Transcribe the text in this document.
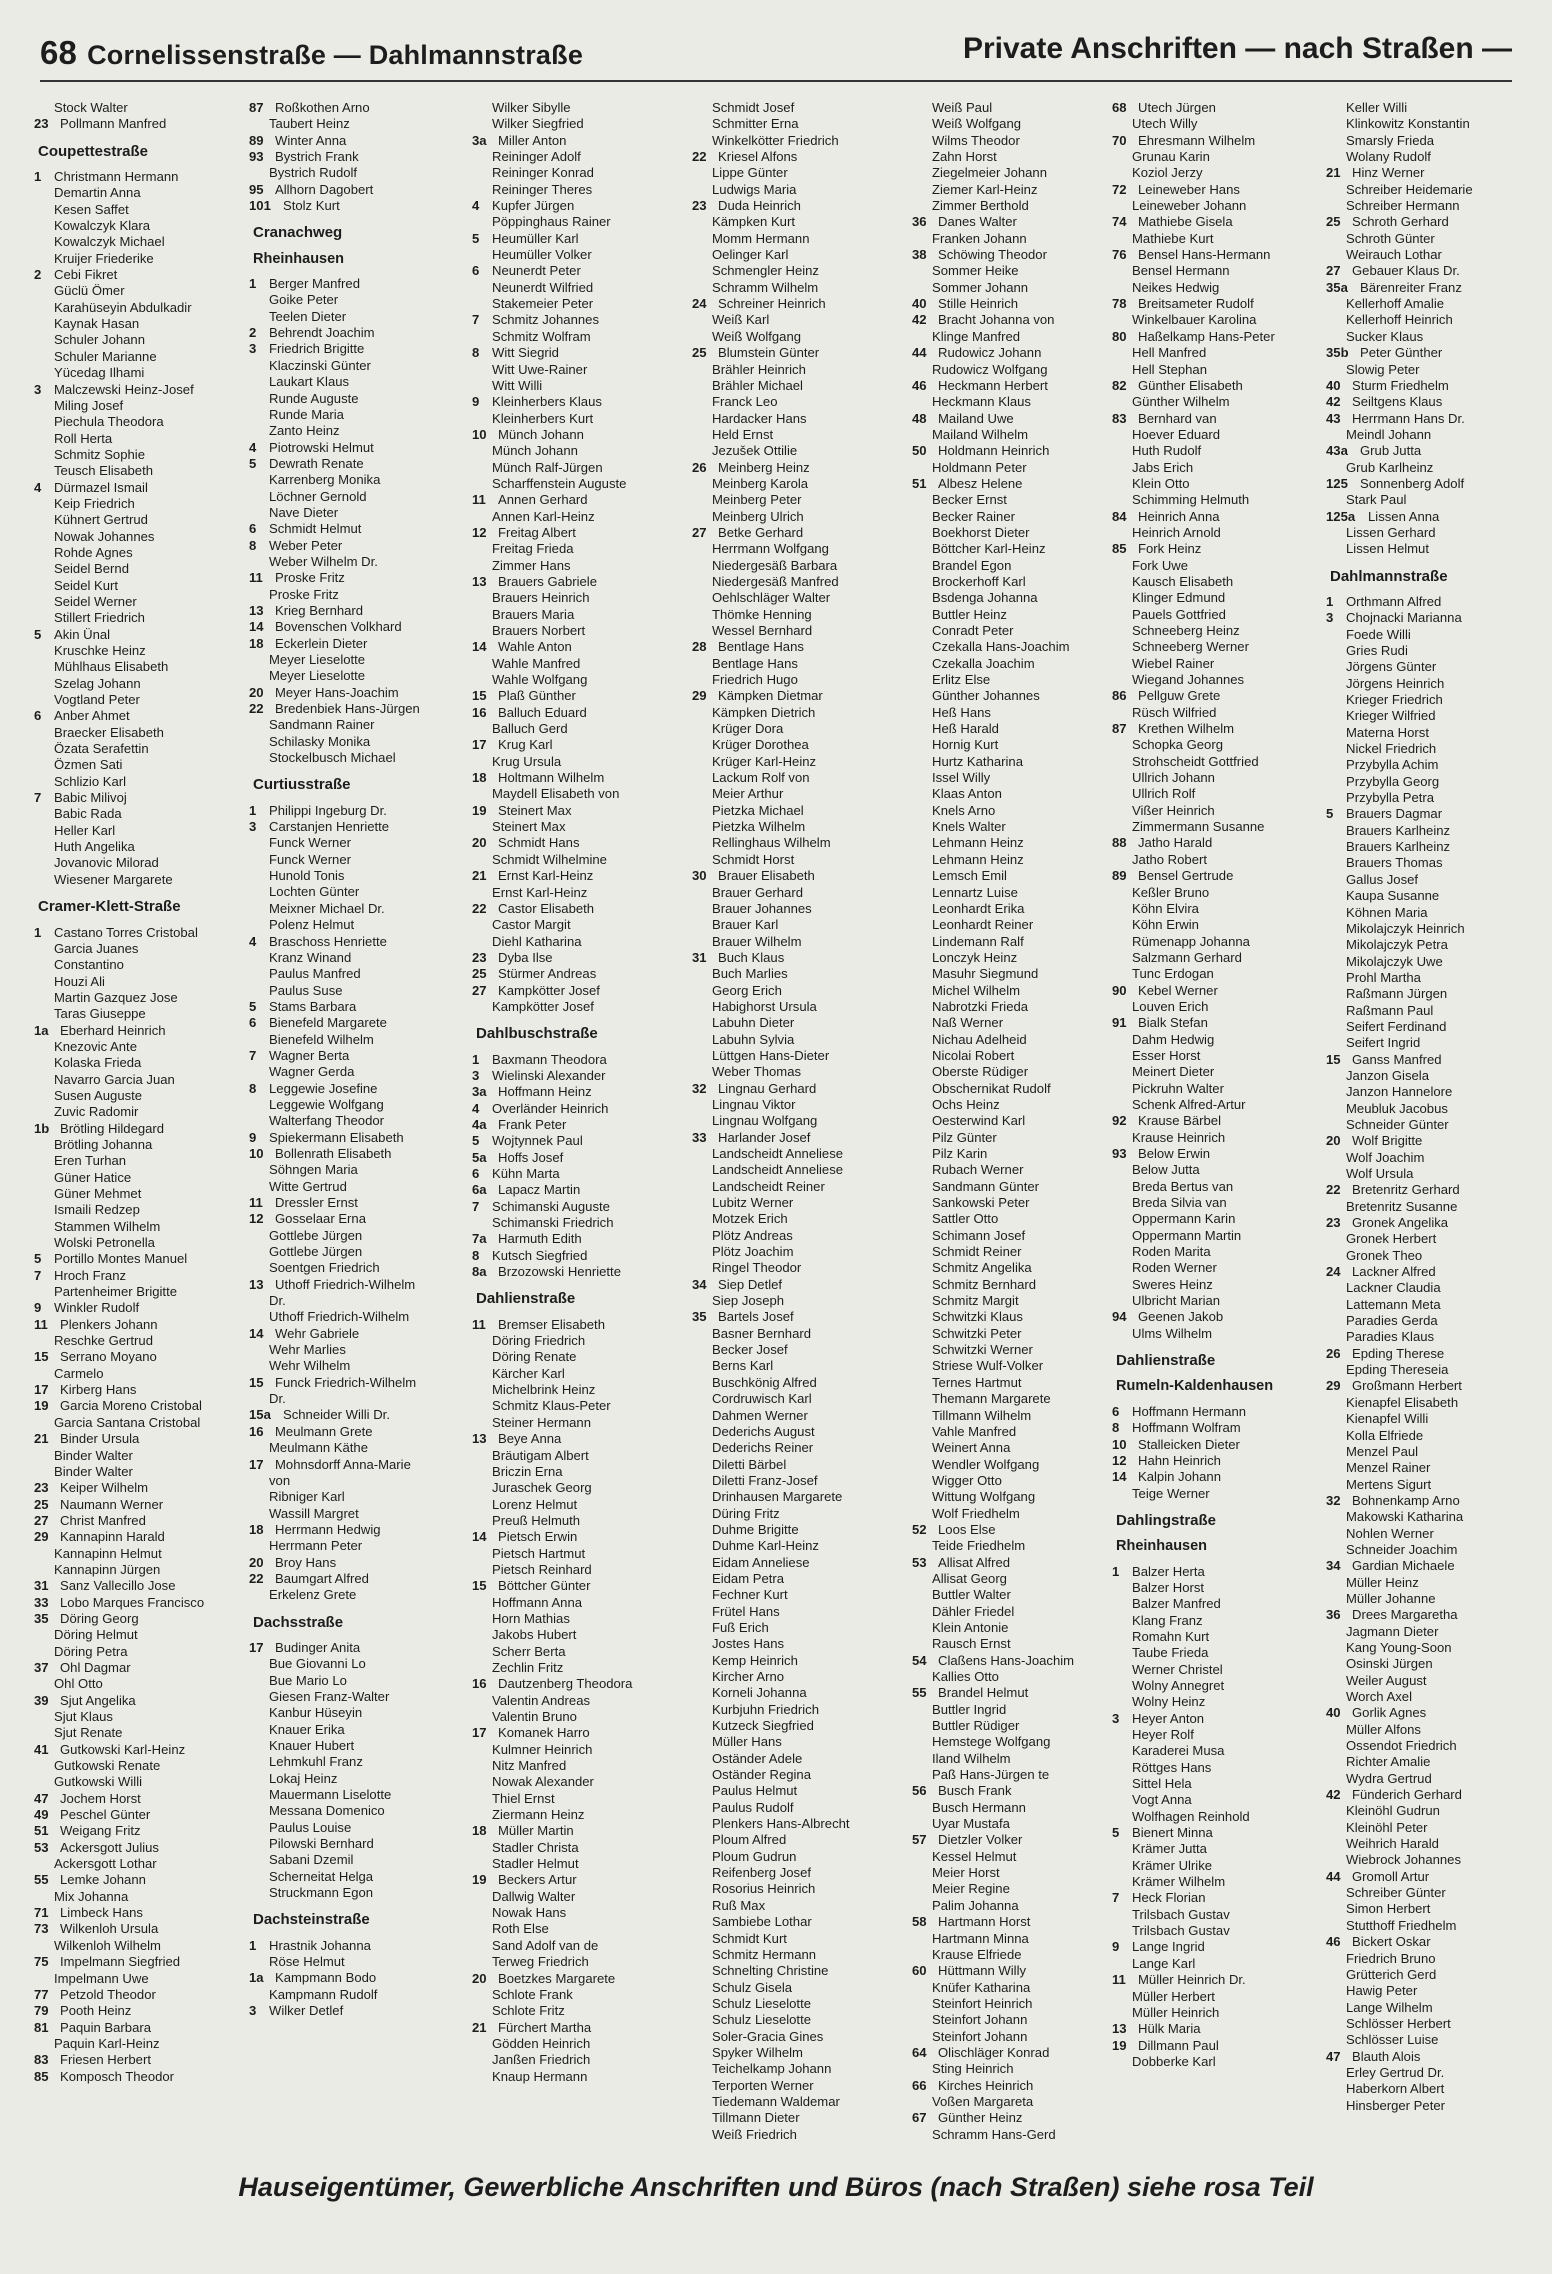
68 Cornelissenstraße — Dahlmannstraße	Private Anschriften — nach Straßen —
Stock Walter
23 Pollmann Manfred
Coupettestraße
1 Christmann Hermann
Demartin Anna
Kesen Saffet
Kowalczyk Klara
Kowalczyk Michael
Kruijer Friederike
2 Cebi Fikret
Güclü Ömer
Karahüseyin Abdulkadir
Kaynak Hasan
Schuler Johann
Schuler Marianne
Yücedag Ilhami
3 Malczewski Heinz-Josef
Miling Josef
Piechula Theodora
Roll Herta
Schmitz Sophie
Teusch Elisabeth
4 Dürmazel Ismail
Keip Friedrich
Kühnert Gertrud
Nowak Johannes
Rohde Agnes
Seidel Bernd
Seidel Kurt
Seidel Werner
Stillert Friedrich
5 Akin Ünal
Kruschke Heinz
Mühlhaus Elisabeth
Szelag Johann
Vogtland Peter
6 Anber Ahmet
Braecker Elisabeth
Özata Serafettin
Özmen Sati
Schlizio Karl
7 Babic Milivoj
Babic Rada
Heller Karl
Huth Angelika
Jovanovic Milorad
Wiesener Margarete
Cramer-Klett-Straße
1 Castano Torres Cristobal
Garcia Juanes
Constantino
Houzi Ali
Martin Gazquez Jose
Taras Giuseppe
1a Eberhard Heinrich
Knezovic Ante
Kolaska Frieda
Navarro Garcia Juan
Susen Auguste
Zuvic Radomir
1b Brötling Hildegard
Brötling Johanna
Eren Turhan
Güner Hatice
Güner Mehmet
Ismaili Redzep
Stammen Wilhelm
Wolski Petronella
5 Portillo Montes Manuel
7 Hroch Franz
Partenheimer Brigitte
9 Winkler Rudolf
11 Plenkers Johann
Reschke Gertrud
15 Serrano Moyano
Carmelo
17 Kirberg Hans
19 Garcia Moreno Cristobal
Garcia Santana Cristobal
21 Binder Ursula
Binder Walter
Binder Walter
23 Keiper Wilhelm
25 Naumann Werner
27 Christ Manfred
29 Kannapinn Harald
Kannapinn Helmut
Kannapinn Jürgen
31 Sanz Vallecillo Jose
33 Lobo Marques Francisco
35 Döring Georg
Döring Helmut
Döring Petra
37 Ohl Dagmar
Ohl Otto
39 Sjut Angelika
Sjut Klaus
Sjut Renate
41 Gutkowski Karl-Heinz
Gutkowski Renate
Gutkowski Willi
47 Jochem Horst
49 Peschel Günter
51 Weigang Fritz
53 Ackersgott Julius
Ackersgott Lothar
55 Lemke Johann
Mix Johanna
71 Limbeck Hans
73 Wilkenloh Ursula
Wilkenloh Wilhelm
75 Impelmann Siegfried
Impelmann Uwe
77 Petzold Theodor
79 Pooth Heinz
81 Paquin Barbara
Paquin Karl-Heinz
83 Friesen Herbert
85 Komposch Theodor
87 Roßkothen Arno
Taubert Heinz
89 Winter Anna
93 Bystrich Frank
Bystrich Rudolf
95 Allhorn Dagobert
101 Stolz Kurt
Cranachweg
Rheinhausen
1 Berger Manfred
Goike Peter
Teelen Dieter
2 Behrendt Joachim
3 Friedrich Brigitte
Klaczinski Günter
Laukart Klaus
Runde Auguste
Runde Maria
Zanto Heinz
4 Piotrowski Helmut
5 Dewrath Renate
Karrenberg Monika
Löchner Gernold
Nave Dieter
6 Schmidt Helmut
8 Weber Peter
Weber Wilhelm Dr.
11 Proske Fritz
Proske Fritz
13 Krieg Bernhard
14 Bovenschen Volkhard
18 Eckerlein Dieter
Meyer Lieselotte
Meyer Lieselotte
20 Meyer Hans-Joachim
22 Bredenbiek Hans-Jürgen
Sandmann Rainer
Schilasky Monika
Stockelbusch Michael
Curtiusstraße
1 Philippi Ingeburg Dr.
3 Carstanjen Henriette
Funck Werner
Funck Werner
Hunold Tonis
Lochten Günter
Meixner Michael Dr.
Polenz Helmut
4 Braschoss Henriette
Kranz Winand
Paulus Manfred
Paulus Suse
5 Stams Barbara
6 Bienefeld Margarete
Bienefeld Wilhelm
7 Wagner Berta
Wagner Gerda
8 Leggewie Josefine
Leggewie Wolfgang
Walterfang Theodor
9 Spiekermann Elisabeth
10 Bollenrath Elisabeth
Söhngen Maria
Witte Gertrud
11 Dressler Ernst
12 Gosselaar Erna
Gottlebe Jürgen
Gottlebe Jürgen
Soentgen Friedrich
13 Uthoff Friedrich-Wilhelm
Dr.
Uthoff Friedrich-Wilhelm
14 Wehr Gabriele
Wehr Marlies
Wehr Wilhelm
15 Funck Friedrich-Wilhelm
Dr.
15a Schneider Willi Dr.
16 Meulmann Grete
Meulmann Käthe
17 Mohnsdorff Anna-Marie
von
Ribniger Karl
Wassill Margret
18 Herrmann Hedwig
Herrmann Peter
20 Broy Hans
22 Baumgart Alfred
Erkelenz Grete
Dachsstraße
17 Budinger Anita
Bue Giovanni Lo
Bue Mario Lo
Giesen Franz-Walter
Kanbur Hüseyin
Knauer Erika
Knauer Hubert
Lehmkuhl Franz
Lokaj Heinz
Mauermann Liselotte
Messana Domenico
Paulus Louise
Pilowski Bernhard
Sabani Dzemil
Scherneitat Helga
Struckmann Egon
Dachsteinstraße
1 Hrastnik Johanna
Röse Helmut
1a Kampmann Bodo
Kampmann Rudolf
3 Wilker Detlef
Wilker Sibylle
Wilker Siegfried
3a Miller Anton
Reininger Adolf
Reininger Konrad
Reininger Theres
4 Kupfer Jürgen
Pöppinghaus Rainer
5 Heumüller Karl
Heumüller Volker
6 Neunerdt Peter
Neunerdt Wilfried
Stakemeier Peter
7 Schmitz Johannes
Schmitz Wolfram
8 Witt Siegrid
Witt Uwe-Rainer
Witt Willi
9 Kleinherbers Klaus
Kleinherbers Kurt
10 Münch Johann
Münch Johann
Münch Ralf-Jürgen
Scharffenstein Auguste
11 Annen Gerhard
Annen Karl-Heinz
12 Freitag Albert
Freitag Frieda
Zimmer Hans
13 Brauers Gabriele
Brauers Heinrich
Brauers Maria
Brauers Norbert
14 Wahle Anton
Wahle Manfred
Wahle Wolfgang
15 Plaß Günther
16 Balluch Eduard
Balluch Gerd
17 Krug Karl
Krug Ursula
18 Holtmann Wilhelm
Maydell Elisabeth von
19 Steinert Max
Steinert Max
20 Schmidt Hans
Schmidt Wilhelmine
21 Ernst Karl-Heinz
Ernst Karl-Heinz
22 Castor Elisabeth
Castor Margit
Diehl Katharina
23 Dyba Ilse
25 Stürmer Andreas
27 Kampkötter Josef
Kampkötter Josef
Dahlbuschstraße
1 Baxmann Theodora
3 Wielinski Alexander
3a Hoffmann Heinz
4 Overländer Heinrich
4a Frank Peter
5 Wojtynnek Paul
5a Hoffs Josef
6 Kühn Marta
6a Lapacz Martin
7 Schimanski Auguste
Schimanski Friedrich
7a Harmuth Edith
8 Kutsch Siegfried
8a Brzozowski Henriette
Dahlienstraße
11 Bremser Elisabeth
Döring Friedrich
Döring Renate
Kärcher Karl
Michelbrink Heinz
Schmitz Klaus-Peter
Steiner Hermann
13 Beye Anna
Bräutigam Albert
Briczin Erna
Juraschek Georg
Lorenz Helmut
Preuß Helmuth
14 Pietsch Erwin
Pietsch Hartmut
Pietsch Reinhard
15 Böttcher Günter
Hoffmann Anna
Horn Mathias
Jakobs Hubert
Scherr Berta
Zechlin Fritz
16 Dautzenberg Theodora
Valentin Andreas
Valentin Bruno
17 Komanek Harro
Kulmner Heinrich
Nitz Manfred
Nowak Alexander
Thiel Ernst
Ziermann Heinz
18 Müller Martin
Stadler Christa
Stadler Helmut
19 Beckers Artur
Dallwig Walter
Nowak Hans
Roth Else
Sand Adolf van de
Terweg Friedrich
20 Boetzkes Margarete
Schlote Frank
Schlote Fritz
21 Fürchert Martha
Gödden Heinrich
Janßen Friedrich
Knaup Hermann
Schmidt Josef
Schmitter Erna
Winkelkötter Friedrich
22 Kriesel Alfons
Lippe Günter
Ludwigs Maria
23 Duda Heinrich
Kämpken Kurt
Momm Hermann
Oelinger Karl
Schmengler Heinz
Schramm Wilhelm
24 Schreiner Heinrich
Weiß Karl
Weiß Wolfgang
25 Blumstein Günter
Brähler Heinrich
Brähler Michael
Franck Leo
Hardacker Hans
Held Ernst
Jezušek Ottilie
26 Meinberg Heinz
Meinberg Karola
Meinberg Peter
Meinberg Ulrich
27 Betke Gerhard
Herrmann Wolfgang
Niedergesäß Barbara
Niedergesäß Manfred
Oehlschläger Walter
Thömke Henning
Wessel Bernhard
28 Bentlage Hans
Bentlage Hans
Friedrich Hugo
29 Kämpken Dietmar
Kämpken Dietrich
Krüger Dora
Krüger Dorothea
Krüger Karl-Heinz
Lackum Rolf von
Meier Arthur
Pietzka Michael
Pietzka Wilhelm
Rellinghaus Wilhelm
Schmidt Horst
30 Brauer Elisabeth
Brauer Gerhard
Brauer Johannes
Brauer Karl
Brauer Wilhelm
31 Buch Klaus
Buch Marlies
Georg Erich
Habighorst Ursula
Labuhn Dieter
Labuhn Sylvia
Lüttgen Hans-Dieter
Weber Thomas
32 Lingnau Gerhard
Lingnau Viktor
Lingnau Wolfgang
33 Harlander Josef
Landscheidt Anneliese
Landscheidt Anneliese
Landscheidt Reiner
Lubitz Werner
Motzek Erich
Plötz Andreas
Plötz Joachim
Ringel Theodor
34 Siep Detlef
Siep Joseph
35 Bartels Josef
Basner Bernhard
Becker Josef
Berns Karl
Buschkönig Alfred
Cordruwisch Karl
Dahmen Werner
Dederichs August
Dederichs Reiner
Diletti Bärbel
Diletti Franz-Josef
Drinhausen Margarete
Düring Fritz
Duhme Brigitte
Duhme Karl-Heinz
Eidam Anneliese
Eidam Petra
Fechner Kurt
Frütel Hans
Fuß Erich
Jostes Hans
Kemp Heinrich
Kircher Arno
Korneli Johanna
Kurbjuhn Friedrich
Kutzeck Siegfried
Müller Hans
Oständer Adele
Oständer Regina
Paulus Helmut
Paulus Rudolf
Plenkers Hans-Albrecht
Ploum Alfred
Ploum Gudrun
Reifenberg Josef
Rosorius Heinrich
Ruß Max
Sambiebe Lothar
Schmidt Kurt
Schmitz Hermann
Schnelting Christine
Schulz Gisela
Schulz Lieselotte
Schulz Lieselotte
Soler-Gracia Gines
Spyker Wilhelm
Teichelkamp Johann
Terporten Werner
Tiedemann Waldemar
Tillmann Dieter
Weiß Friedrich
Weiß Paul
Weiß Wolfgang
Wilms Theodor
Zahn Horst
Ziegelmeier Johann
Ziemer Karl-Heinz
Zimmer Berthold
36 Danes Walter
Franken Johann
38 Schöwing Theodor
Sommer Heike
Sommer Johann
40 Stille Heinrich
42 Bracht Johanna von
Klinge Manfred
44 Rudowicz Johann
Rudowicz Wolfgang
46 Heckmann Herbert
Heckmann Klaus
48 Mailand Uwe
Mailand Wilhelm
50 Holdmann Heinrich
Holdmann Peter
51 Albesz Helene
Becker Ernst
Becker Rainer
Boekhorst Dieter
Böttcher Karl-Heinz
Brandel Egon
Brockerhoff Karl
Bsdenga Johanna
Buttler Heinz
Conradt Peter
Czekalla Hans-Joachim
Czekalla Joachim
Erlitz Else
Günther Johannes
Heß Hans
Heß Harald
Hornig Kurt
Hurtz Katharina
Issel Willy
Klaas Anton
Knels Arno
Knels Walter
Lehmann Heinz
Lehmann Heinz
Lemsch Emil
Lennartz Luise
Leonhardt Erika
Leonhardt Reiner
Lindemann Ralf
Lonczyk Heinz
Masuhr Siegmund
Michel Wilhelm
Nabrotzki Frieda
Naß Werner
Nichau Adelheid
Nicolai Robert
Oberste Rüdiger
Obschernikat Rudolf
Ochs Heinz
Oesterwind Karl
Pilz Günter
Pilz Karin
Rubach Werner
Sandmann Günter
Sankowski Peter
Sattler Otto
Schimann Josef
Schmidt Reiner
Schmitz Angelika
Schmitz Bernhard
Schmitz Margit
Schwitzki Klaus
Schwitzki Peter
Schwitzki Werner
Striese Wulf-Volker
Ternes Hartmut
Themann Margarete
Tillmann Wilhelm
Vahle Manfred
Weinert Anna
Wendler Wolfgang
Wigger Otto
Wittung Wolfgang
Wolf Friedhelm
52 Loos Else
Teide Friedhelm
53 Allisat Alfred
Allisat Georg
Buttler Walter
Dähler Friedel
Klein Antonie
Rausch Ernst
54 Claßens Hans-Joachim
Kallies Otto
55 Brandel Helmut
Buttler Ingrid
Buttler Rüdiger
Hemstege Wolfgang
Iland Wilhelm
Paß Hans-Jürgen te
56 Busch Frank
Busch Hermann
Uyar Mustafa
57 Dietzler Volker
Kessel Helmut
Meier Horst
Meier Regine
Palim Johanna
58 Hartmann Horst
Hartmann Minna
Krause Elfriede
60 Hüttmann Willy
Knüfer Katharina
Steinfort Heinrich
Steinfort Johann
Steinfort Johann
64 Olischläger Konrad
Sting Heinrich
66 Kirches Heinrich
Voßen Margareta
67 Günther Heinz
Schramm Hans-Gerd
68 Utech Jürgen
Utech Willy
70 Ehresmann Wilhelm
Grunau Karin
Koziol Jerzy
72 Leineweber Hans
Leineweber Johann
74 Mathiebe Gisela
Mathiebe Kurt
76 Bensel Hans-Hermann
Bensel Hermann
Neikes Hedwig
78 Breitsameter Rudolf
Winkelbauer Karolina
80 Haßelkamp Hans-Peter
Hell Manfred
Hell Stephan
82 Günther Elisabeth
Günther Wilhelm
83 Bernhard van
Hoever Eduard
Huth Rudolf
Jabs Erich
Klein Otto
Schimming Helmuth
84 Heinrich Anna
Heinrich Arnold
85 Fork Heinz
Fork Uwe
Kausch Elisabeth
Klinger Edmund
Pauels Gottfried
Schneeberg Heinz
Schneeberg Werner
Wiebel Rainer
Wiegand Johannes
86 Pellguw Grete
Rüsch Wilfried
87 Krethen Wilhelm
Schopka Georg
Strohscheidt Gottfried
Ullrich Johann
Ullrich Rolf
Vißer Heinrich
Zimmermann Susanne
88 Jatho Harald
Jatho Robert
89 Bensel Gertrude
Keßler Bruno
Köhn Elvira
Köhn Erwin
Rümenapp Johanna
Salzmann Gerhard
Tunc Erdogan
90 Kebel Werner
Louven Erich
91 Bialk Stefan
Dahm Hedwig
Esser Horst
Meinert Dieter
Pickruhn Walter
Schenk Alfred-Artur
92 Krause Bärbel
Krause Heinrich
93 Below Erwin
Below Jutta
Breda Bertus van
Breda Silvia van
Oppermann Karin
Oppermann Martin
Roden Marita
Roden Werner
Sweres Heinz
Ulbricht Marian
94 Geenen Jakob
Ulms Wilhelm
Dahlienstraße
Rumeln-Kaldenhausen
6 Hoffmann Hermann
8 Hoffmann Wolfram
10 Stalleicken Dieter
12 Hahn Heinrich
14 Kalpin Johann
Teige Werner
Dahlingstraße
Rheinhausen
1 Balzer Herta
Balzer Horst
Balzer Manfred
Klang Franz
Romahn Kurt
Taube Frieda
Werner Christel
Wolny Annegret
Wolny Heinz
3 Heyer Anton
Heyer Rolf
Karaderei Musa
Röttges Hans
Sittel Hela
Vogt Anna
Wolfhagen Reinhold
5 Bienert Minna
Krämer Jutta
Krämer Ulrike
Krämer Wilhelm
7 Heck Florian
Trilsbach Gustav
Trilsbach Gustav
9 Lange Ingrid
Lange Karl
11 Müller Heinrich Dr.
Müller Herbert
Müller Heinrich
13 Hülk Maria
19 Dillmann Paul
Dobberke Karl
Keller Willi
Klinkowitz Konstantin
Smarsly Frieda
Wolany Rudolf
21 Hinz Werner
Schreiber Heidemarie
Schreiber Hermann
25 Schroth Gerhard
Schroth Günter
Weirauch Lothar
27 Gebauer Klaus Dr.
35a Bärenreiter Franz
Kellerhoff Amalie
Kellerhoff Heinrich
Sucker Klaus
35b Peter Günther
Slowig Peter
40 Sturm Friedhelm
42 Seiltgens Klaus
43 Herrmann Hans Dr.
Meindl Johann
43a Grub Jutta
Grub Karlheinz
125 Sonnenberg Adolf
Stark Paul
125a Lissen Anna
Lissen Gerhard
Lissen Helmut
Dahlmannstraße
1 Orthmann Alfred
3 Chojnacki Marianna
Foede Willi
Gries Rudi
Jörgens Günter
Jörgens Heinrich
Krieger Friedrich
Krieger Wilfried
Materna Horst
Nickel Friedrich
Przybylla Achim
Przybylla Georg
Przybylla Petra
5 Brauers Dagmar
Brauers Karlheinz
Brauers Karlheinz
Brauers Thomas
Gallus Josef
Kaupa Susanne
Köhnen Maria
Mikolajczyk Heinrich
Mikolajczyk Petra
Mikolajczyk Uwe
Prohl Martha
Raßmann Jürgen
Raßmann Paul
Seifert Ferdinand
Seifert Ingrid
15 Ganss Manfred
Janzon Gisela
Janzon Hannelore
Meubluk Jacobus
Schneider Günter
20 Wolf Brigitte
Wolf Joachim
Wolf Ursula
22 Bretenritz Gerhard
Bretenritz Susanne
23 Gronek Angelika
Gronek Herbert
Gronek Theo
24 Lackner Alfred
Lackner Claudia
Lattemann Meta
Paradies Gerda
Paradies Klaus
26 Epding Therese
Epding Thereseia
29 Großmann Herbert
Kienapfel Elisabeth
Kienapfel Willi
Kolla Elfriede
Menzel Paul
Menzel Rainer
Mertens Sigurt
32 Bohnenkamp Arno
Makowski Katharina
Nohlen Werner
Schneider Joachim
34 Gardian Michaele
Müller Heinz
Müller Johanne
36 Drees Margaretha
Jagmann Dieter
Kang Young-Soon
Osinski Jürgen
Weiler August
Worch Axel
40 Gorlik Agnes
Müller Alfons
Ossendot Friedrich
Richter Amalie
Wydra Gertrud
42 Fünderich Gerhard
Kleinöhl Gudrun
Kleinöhl Peter
Weihrich Harald
Wiebrock Johannes
44 Gromoll Artur
Schreiber Günter
Simon Herbert
Stutthoff Friedhelm
46 Bickert Oskar
Friedrich Bruno
Grütterich Gerd
Hawig Peter
Lange Wilhelm
Schlösser Herbert
Schlösser Luise
47 Blauth Alois
Erley Gertrud Dr.
Haberkorn Albert
Hinsberger Peter
Hauseigentümer, Gewerbliche Anschriften und Büros (nach Straßen) siehe rosa Teil
